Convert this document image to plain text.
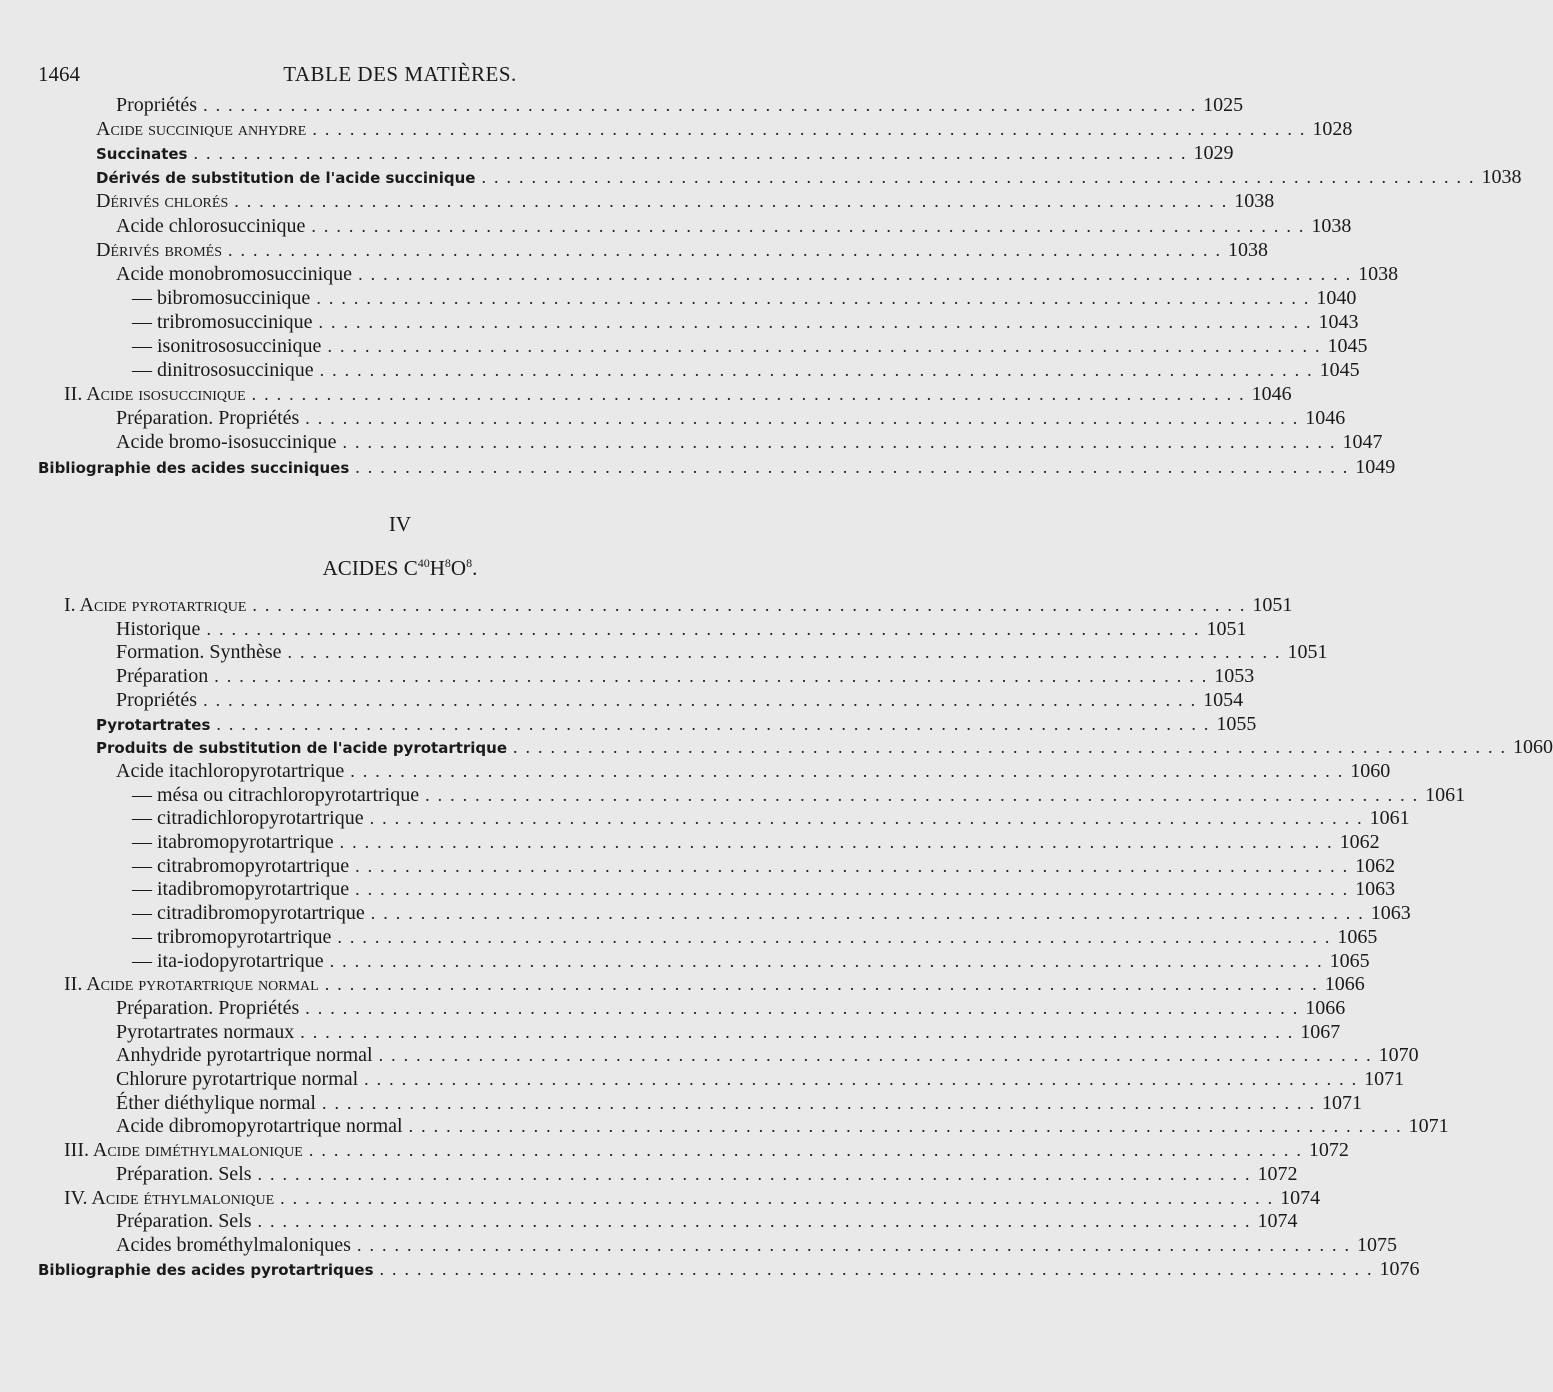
1464	TABLE DES MATIÈRES.
Propriétés ................................................................................ 1025
Acide succinique anhydre ................................................................................ 1028
Succinates ................................................................................ 1029
Dérivés de substitution de l'acide succinique ................................................................................ 1038
Dérivés chlorés ................................................................................ 1038
Acide chlorosuccinique ................................................................................ 1038
Dérivés bromés ................................................................................ 1038
Acide monobromosuccinique ................................................................................ 1038
— bibromosuccinique ................................................................................ 1040
— tribromosuccinique ................................................................................ 1043
— isonitrososuccinique ................................................................................ 1045
— dinitrososuccinique ................................................................................ 1045
II. Acide isosuccinique ................................................................................ 1046
Préparation. Propriétés ................................................................................ 1046
Acide bromo-isosuccinique ................................................................................ 1047
Bibliographie des acides succiniques ................................................................................ 1049
I. Acide pyrotartrique ................................................................................ 1051
Historique ................................................................................ 1051
Formation. Synthèse ................................................................................ 1051
Préparation ................................................................................ 1053
Propriétés ................................................................................ 1054
Pyrotartrates ................................................................................ 1055
Produits de substitution de l'acide pyrotartrique ................................................................................ 1060
Acide itachloropyrotartrique ................................................................................ 1060
— mésa ou citrachloropyrotartrique ................................................................................ 1061
— citradichloropyrotartrique ................................................................................ 1061
— itabromopyrotartrique ................................................................................ 1062
— citrabromopyrotartrique ................................................................................ 1062
— itadibromopyrotartrique ................................................................................ 1063
— citradibromopyrotartrique ................................................................................ 1063
— tribromopyrotartrique ................................................................................ 1065
— ita-iodopyrotartrique ................................................................................ 1065
II. Acide pyrotartrique normal ................................................................................ 1066
Préparation. Propriétés ................................................................................ 1066
Pyrotartrates normaux ................................................................................ 1067
Anhydride pyrotartrique normal ................................................................................ 1070
Chlorure pyrotartrique normal ................................................................................ 1071
Éther diéthylique normal ................................................................................ 1071
Acide dibromopyrotartrique normal ................................................................................ 1071
III. Acide diméthylmalonique ................................................................................ 1072
Préparation. Sels ................................................................................ 1072
IV. Acide éthylmalonique ................................................................................ 1074
Préparation. Sels ................................................................................ 1074
Acides brométhylmaloniques ................................................................................ 1075
Bibliographie des acides pyrotartriques ................................................................................ 1076
IV
ACIDES $C^{40}H^8O^8$.
